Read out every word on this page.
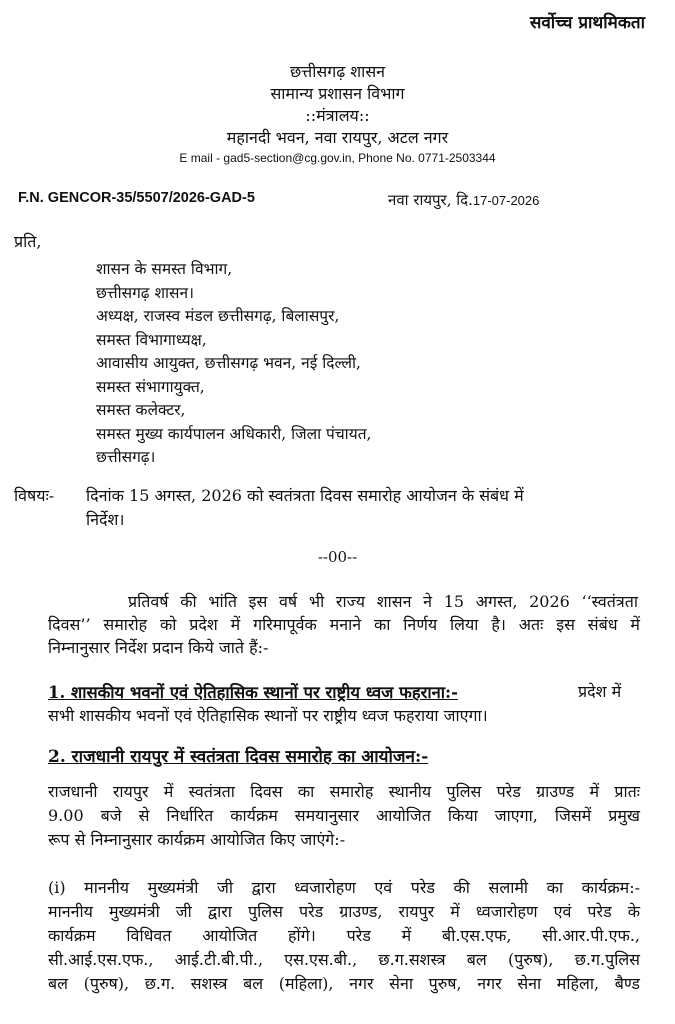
सर्वोच्च प्राथमिकता
छत्तीसगढ़ शासन
सामान्य प्रशासन विभाग
::मंत्रालय::
महानदी भवन, नवा रायपुर, अटल नगर
E mail - gad5-section@cg.gov.in, Phone No. 0771-2503344
F.N. GENCOR-35/5507/2026-GAD-5	नवा रायपुर, दि.17-07-2026
प्रति,
शासन के समस्त विभाग,
छत्तीसगढ़ शासन।
अध्यक्ष, राजस्व मंडल छत्तीसगढ़, बिलासपुर,
समस्त विभागाध्यक्ष,
आवासीय आयुक्त, छत्तीसगढ़ भवन, नई दिल्ली,
समस्त संभागायुक्त,
समस्त कलेक्टर,
समस्त मुख्य कार्यपालन अधिकारी, जिला पंचायत,
छत्तीसगढ़।
विषयः- दिनांक 15 अगस्त, 2026 को स्वतंत्रता दिवस समारोह आयोजन के संबंध में
निर्देश।
--00--
प्रतिवर्ष की भांति इस वर्ष भी राज्य शासन ने 15 अगस्त, 2026 ‘‘स्वतंत्रता
दिवस’’ समारोह को प्रदेश में गरिमापूर्वक मनाने का निर्णय लिया है। अतः इस संबंध में
निम्नानुसार निर्देश प्रदान किये जाते हैं:-
1. शासकीय भवनों एवं ऐतिहासिक स्थानों पर राष्ट्रीय ध्वज फहराना:-	प्रदेश में
सभी शासकीय भवनों एवं ऐतिहासिक स्थानों पर राष्ट्रीय ध्वज फहराया जाएगा।
2. राजधानी रायपुर में स्वतंत्रता दिवस समारोह का आयोजन:-
राजधानी रायपुर में स्वतंत्रता दिवस का समारोह स्थानीय पुलिस परेड ग्राउण्ड में प्रातः
9.00 बजे से निर्धारित कार्यक्रम समयानुसार आयोजित किया जाएगा, जिसमें प्रमुख
रूप से निम्नानुसार कार्यक्रम आयोजित किए जाएंगे:-
(i) माननीय मुख्यमंत्री जी द्वारा ध्वजारोहण एवं परेड की सलामी का कार्यक्रम:-
माननीय मुख्यमंत्री जी द्वारा पुलिस परेड ग्राउण्ड, रायपुर में ध्वजारोहण एवं परेड के
कार्यक्रम विधिवत आयोजित होंगे। परेड में बी.एस.एफ, सी.आर.पी.एफ.,
सी.आई.एस.एफ., आई.टी.बी.पी., एस.एस.बी., छ.ग.सशस्त्र बल (पुरुष), छ.ग.पुलिस
बल (पुरुष), छ.ग. सशस्त्र बल (महिला), नगर सेना पुरुष, नगर सेना महिला, बैण्ड
